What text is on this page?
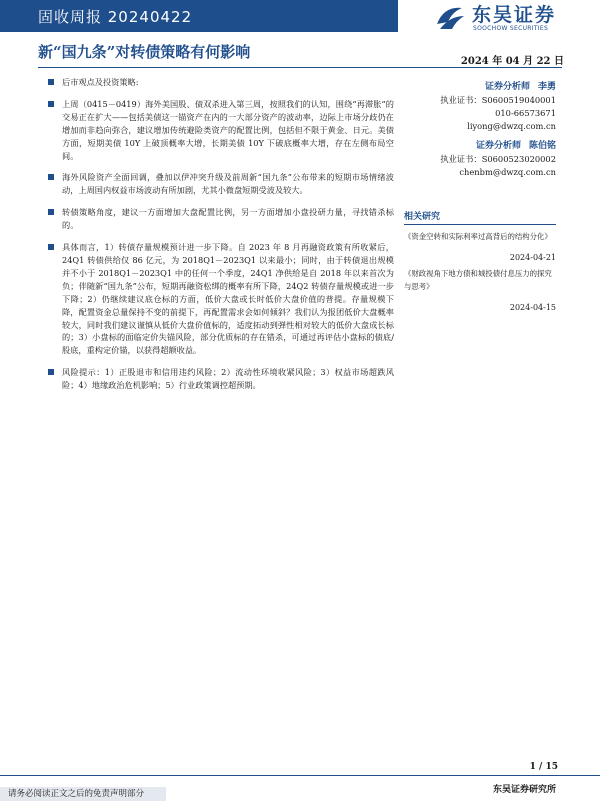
固收周报 20240422	东吴证券
SOOCHOW SECURITIES
新“国九条”对转债策略有何影响
2024 年 04 月 22 日
后市观点及投资策略:
上周（0415－0419）海外美国股、债双杀进入第三周，按照我们的认知，围绕“再滞胀”的交易正在扩大——包括美债这一锚资产在内的一大部分资产的波动率，边际上市场分歧仍在增加而非趋向弥合，建议增加传统避险类资产的配置比例，包括但不限于黄金、日元。美债方面，短期美债 10Y 上破顶概率大增，长期美债 10Y 下破底概率大增，存在左侧布局空间。
海外风险资产全面回调，叠加以伊冲突升级及前周新“国九条”公布带来的短期市场情绪波动，上周国内权益市场波动有所加剧，尤其小微盘短期受波及较大。
转债策略角度，建议一方面增加大盘配置比例，另一方面增加小盘投研力量，寻找错杀标的。
具体而言，1）转债存量规模预计进一步下降。自 2023 年 8 月再融资政策有所收紧后，24Q1 转债供给仅 86 亿元，为 2018Q1－2023Q1 以来最小；同时，由于转债退出规模并不小于 2018Q1－2023Q1 中的任何一个季度，24Q1 净供给是自 2018 年以来首次为负；伴随新“国九条”公布，短期再融资松绑的概率有所下降，24Q2 转债存量规模或进一步下降；2）仍继续建议底仓标的方面，低价大盘或长时低价大盘价值的普提。存量规模下降，配置资金总量保持不变的前提下，再配置需求会如何倾斜？我们认为报团低价大盘概率较大，同时我们建议谨慎从低价大盘价值标的，适度拓动到弹性相对较大的低价大盘成长标的；3）小盘标的面临定价失锚风险，部分优质标的存在错杀，可通过再评估小盘标的债底/股底，重构定价锚，以获得超额收益。
风险提示：1）正股退市和信用违约风险；2）流动性环境收紧风险；3）权益市场超跌风险；4）地缘政治危机影响；5）行业政策调控超预期。
证券分析师 李勇
执业证书：S0600519040001
010-66573671
liyong@dwzq.com.cn
证券分析师 陈伯铭
执业证书：S0600523020002
chenbm@dwzq.com.cn
相关研究
《资金空转和实际利率过高背后的结构分化》
2024-04-21
《财政视角下地方债和城投债付息压力的探究与思考》
2024-04-15
1 / 15
请务必阅读正文之后的免责声明部分	东吴证券研究所
